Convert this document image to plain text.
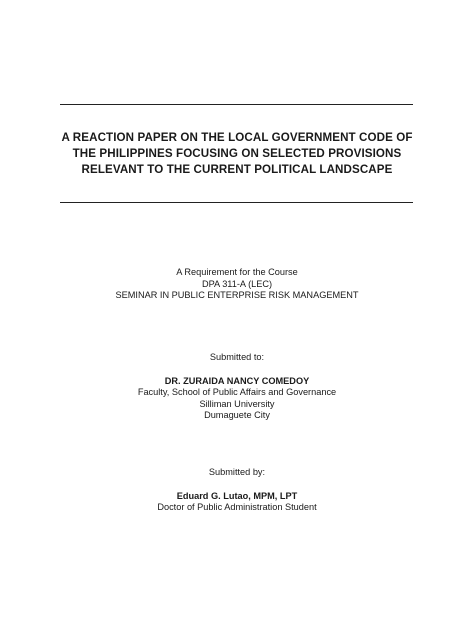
A REACTION PAPER ON THE LOCAL GOVERNMENT CODE OF
THE PHILIPPINES FOCUSING ON SELECTED PROVISIONS
RELEVANT TO THE CURRENT POLITICAL LANDSCAPE
A Requirement for the Course
DPA 311-A (LEC)
SEMINAR IN PUBLIC ENTERPRISE RISK MANAGEMENT
Submitted to:
DR. ZURAIDA NANCY COMEDOY
Faculty, School of Public Affairs and Governance
Silliman University
Dumaguete City
Submitted by:
Eduard G. Lutao, MPM, LPT
Doctor of Public Administration Student
